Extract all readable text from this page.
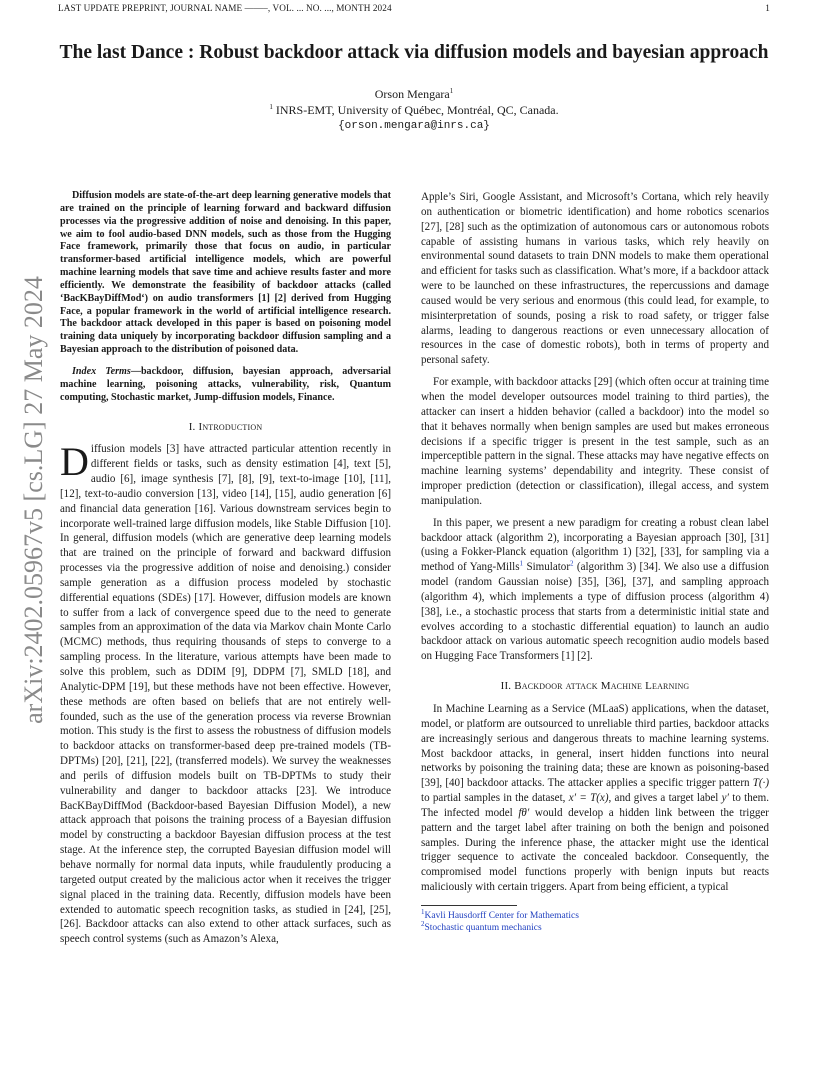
LAST UPDATE PREPRINT, JOURNAL NAME ——–, VOL. ... NO. ..., MONTH 2024	1
arXiv:2402.05967v5 [cs.LG] 27 May 2024
The last Dance : Robust backdoor attack via diffusion models and bayesian approach
Orson Mengara$^1$
$^1$ INRS-EMT, University of Québec, Montréal, QC, Canada.
{orson.mengara@inrs.ca}

Diffusion models are state-of-the-art deep learning generative models that are trained on the principle of learning forward and backward diffusion processes via the progressive addition of noise and denoising. In this paper, we aim to fool audio-based DNN models, such as those from the Hugging Face framework, primarily those that focus on audio, in particular transformer-based artificial intelligence models, which are powerful machine learning models that save time and achieve results faster and more efficiently. We demonstrate the feasibility of backdoor attacks (called ‘BacKBayDiffMod‘) on audio transformers [1] [2] derived from Hugging Face, a popular framework in the world of artificial intelligence research. The backdoor attack developed in this paper is based on poisoning model training data uniquely by incorporating backdoor diffusion sampling and a Bayesian approach to the distribution of poisoned data.

Index Terms—backdoor, diffusion, bayesian approach, adversarial machine learning, poisoning attacks, vulnerability, risk, Quantum computing, Stochastic market, Jump-diffusion models, Finance.

I. Introduction

Diffusion models [3] have attracted particular attention recently in different fields or tasks, such as density estimation [4], text [5], audio [6], image synthesis [7], [8], [9], text-to-image [10], [11], [12], text-to-audio conversion [13], video [14], [15], audio generation [6] and financial data generation [16]. Various downstream services begin to incorporate well-trained large diffusion models, like Stable Diffusion [10]. In general, diffusion models (which are generative deep learning models that are trained on the principle of forward and backward diffusion processes via the progressive addition of noise and denoising.) consider sample generation as a diffusion process modeled by stochastic differential equations (SDEs) [17]. However, diffusion models are known to suffer from a lack of convergence speed due to the need to generate samples from an approximation of the data via Markov chain Monte Carlo (MCMC) methods, thus requiring thousands of steps to converge to a sampling process. In the literature, various attempts have been made to solve this problem, such as DDIM [9], DDPM [7], SMLD [18], and Analytic-DPM [19], but these methods have not been effective. However, these methods are often based on beliefs that are not entirely well-founded, such as the use of the generation process via reverse Brownian motion. This study is the first to assess the robustness of diffusion models to backdoor attacks on transformer-based deep pre-trained models (TB-DPTMs) [20], [21], [22], (transferred models). We survey the weaknesses and perils of diffusion models built on TB-DPTMs to study their vulnerability and danger to backdoor attacks [23]. We introduce BacKBayDiffMod (Backdoor-based Bayesian Diffusion Model), a new attack approach that poisons the training process of a Bayesian diffusion model by constructing a backdoor Bayesian diffusion process at the test stage. At the inference step, the corrupted Bayesian diffusion model will behave normally for normal data inputs, while fraudulently producing a targeted output created by the malicious actor when it receives the trigger signal placed in the training data. Recently, diffusion models have been extended to automatic speech recognition tasks, as studied in [24], [25], [26]. Backdoor attacks can also extend to other attack surfaces, such as speech control systems (such as Amazon’s Alexa,

Apple’s Siri, Google Assistant, and Microsoft’s Cortana, which rely heavily on authentication or biometric identification) and home robotics scenarios [27], [28] such as the optimization of autonomous cars or autonomous robots capable of assisting humans in various tasks, which rely heavily on environmental sound datasets to train DNN models to make them operational and efficient for tasks such as classification. What’s more, if a backdoor attack were to be launched on these infrastructures, the repercussions and damage caused would be very serious and enormous (this could lead, for example, to misinterpretation of sounds, posing a risk to road safety, or trigger false alarms, leading to dangerous reactions or even unnecessary allocation of resources in the case of domestic robots), both in terms of property and personal safety.

For example, with backdoor attacks [29] (which often occur at training time when the model developer outsources model training to third parties), the attacker can insert a hidden behavior (called a backdoor) into the model so that it behaves normally when benign samples are used but makes erroneous decisions if a specific trigger is present in the test sample, such as an imperceptible pattern in the signal. These attacks may have negative effects on machine learning systems’ dependability and integrity. These consist of improper prediction (detection or classification), illegal access, and system manipulation.

In this paper, we present a new paradigm for creating a robust clean label backdoor attack (algorithm 2), incorporating a Bayesian approach [30], [31] (using a Fokker-Planck equation (algorithm 1) [32], [33], for sampling via a method of Yang-Mills$^1$ Simulator$^2$ (algorithm 3) [34]. We also use a diffusion model (random Gaussian noise) [35], [36], [37], and sampling approach (algorithm 4), which implements a type of diffusion process (algorithm 4) [38], i.e., a stochastic process that starts from a deterministic initial state and evolves according to a stochastic differential equation) to launch an audio backdoor attack on various automatic speech recognition audio models based on Hugging Face Transformers [1] [2].

II. Backdoor attack Machine Learning

In Machine Learning as a Service (MLaaS) applications, when the dataset, model, or platform are outsourced to unreliable third parties, backdoor attacks are increasingly serious and dangerous threats to machine learning systems. Most backdoor attacks, in general, insert hidden functions into neural networks by poisoning the training data; these are known as poisoning-based [39], [40] backdoor attacks. The attacker applies a specific trigger pattern T(·) to partial samples in the dataset, x′ = T(x), and gives a target label y′ to them. The infected model fθ′ would develop a hidden link between the trigger pattern and the target label after training on both the benign and poisoned samples. During the inference phase, the attacker might use the identical trigger sequence to activate the concealed backdoor. Consequently, the compromised model functions properly with benign inputs but reacts maliciously with certain triggers. Apart from being efficient, a typical

$^1$Kavli Hausdorff Center for Mathematics
$^2$Stochastic quantum mechanics
